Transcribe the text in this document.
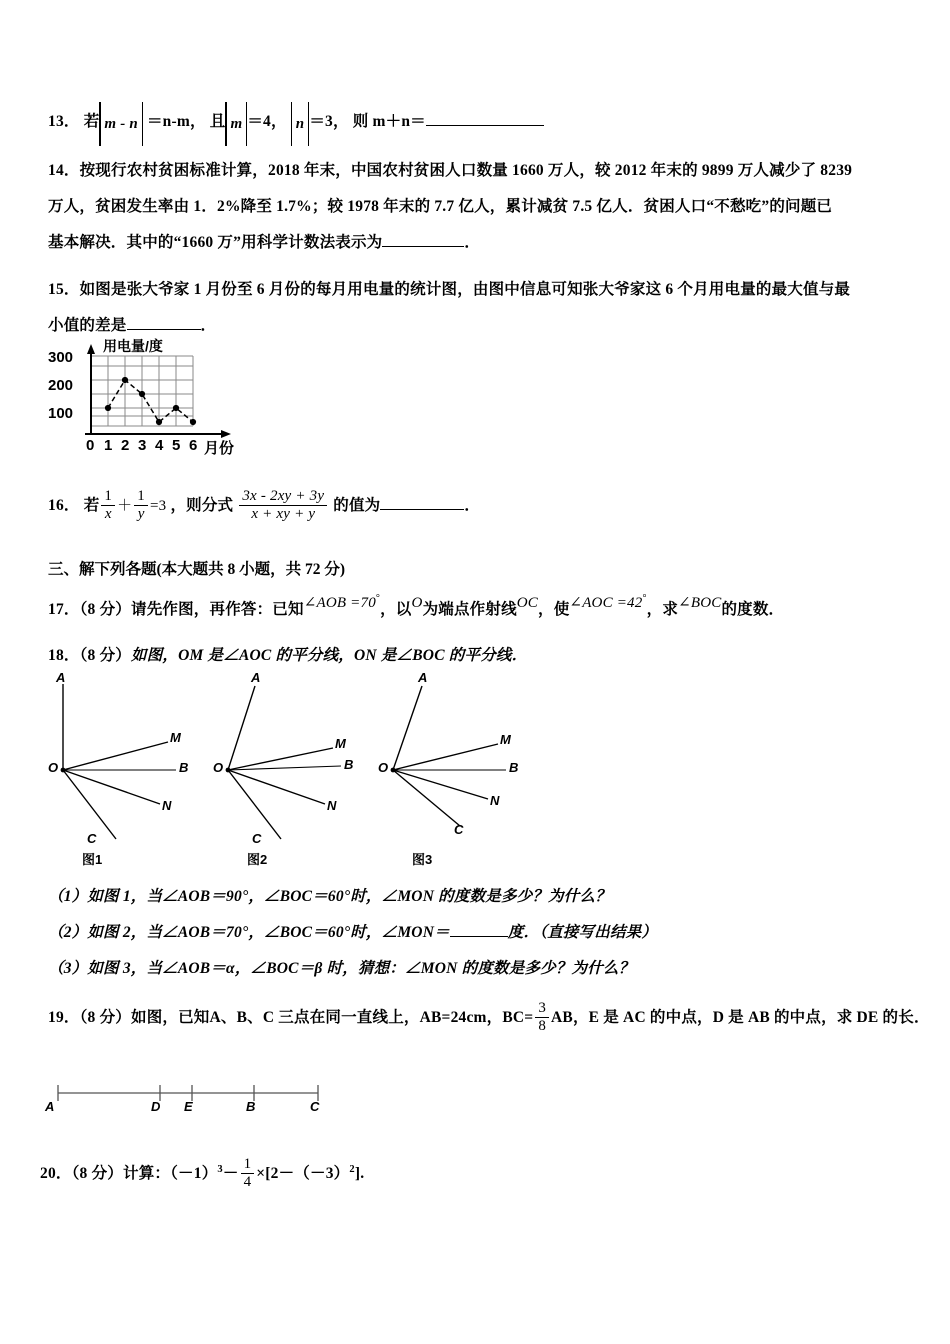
13． 若 m - n ＝n-m， 且 m ＝4， n ＝3， 则 m＋n＝
14．按现行农村贫困标准计算，2018 年末，中国农村贫困人口数量 1660 万人，较 2012 年末的 9899 万人减少了 8239
万人，贫困发生率由 1．2%降至 1.7%；较 1978 年末的 7.7 亿人，累计减贫 7.5 亿人．贫困人口“不愁吃”的问题已
基本解决．其中的“1660 万”用科学计数法表示为	．
15．如图是张大爷家 1 月份至 6 月份的每月用电量的统计图，由图中信息可知张大爷家这 6 个月用电量的最大值与最
小值的差是	．
用电量/度
300
200
100
0 1 2 3 4 5 6 月份
16． 若 $\frac{1}{x} + \frac{1}{y} =3$ ，则分式 $\frac{3x - 2xy + 3y}{x + xy + y}$ 的值为	．
三、解下列各题(本大题共 8 小题，共 72 分)
17．（8 分）请先作图，再作答：已知∠AOB =70°，以O为端点作射线OC，使∠AOC =42°，求∠BOC的度数．
18．（8 分）如图，OM 是∠AOC 的平分线，ON 是∠BOC 的平分线．
A
M
B
N
C
O
图1
A
M
B
N
C
O
图2
A
M
B
N
C
O
图3
（1）如图 1，当∠AOB＝90°，∠BOC＝60°时，∠MON 的度数是多少？为什么？
（2）如图 2，当∠AOB＝70°，∠BOC＝60°时，∠MON＝	度．（直接写出结果）
（3）如图 3，当∠AOB＝α，∠BOC＝β 时，猜想：∠MON 的度数是多少？为什么？
19．（8 分）如图，已知A、B、C 三点在同一直线上，AB=24cm，$BC= \frac{3}{8}$ AB，E 是 AC 的中点，D 是 AB 的中点，求 DE 的长．
A	D E	B	C
20．（8 分）计算：$(-1)^3- \frac{1}{4} \times[2-(-3)^2]$.
